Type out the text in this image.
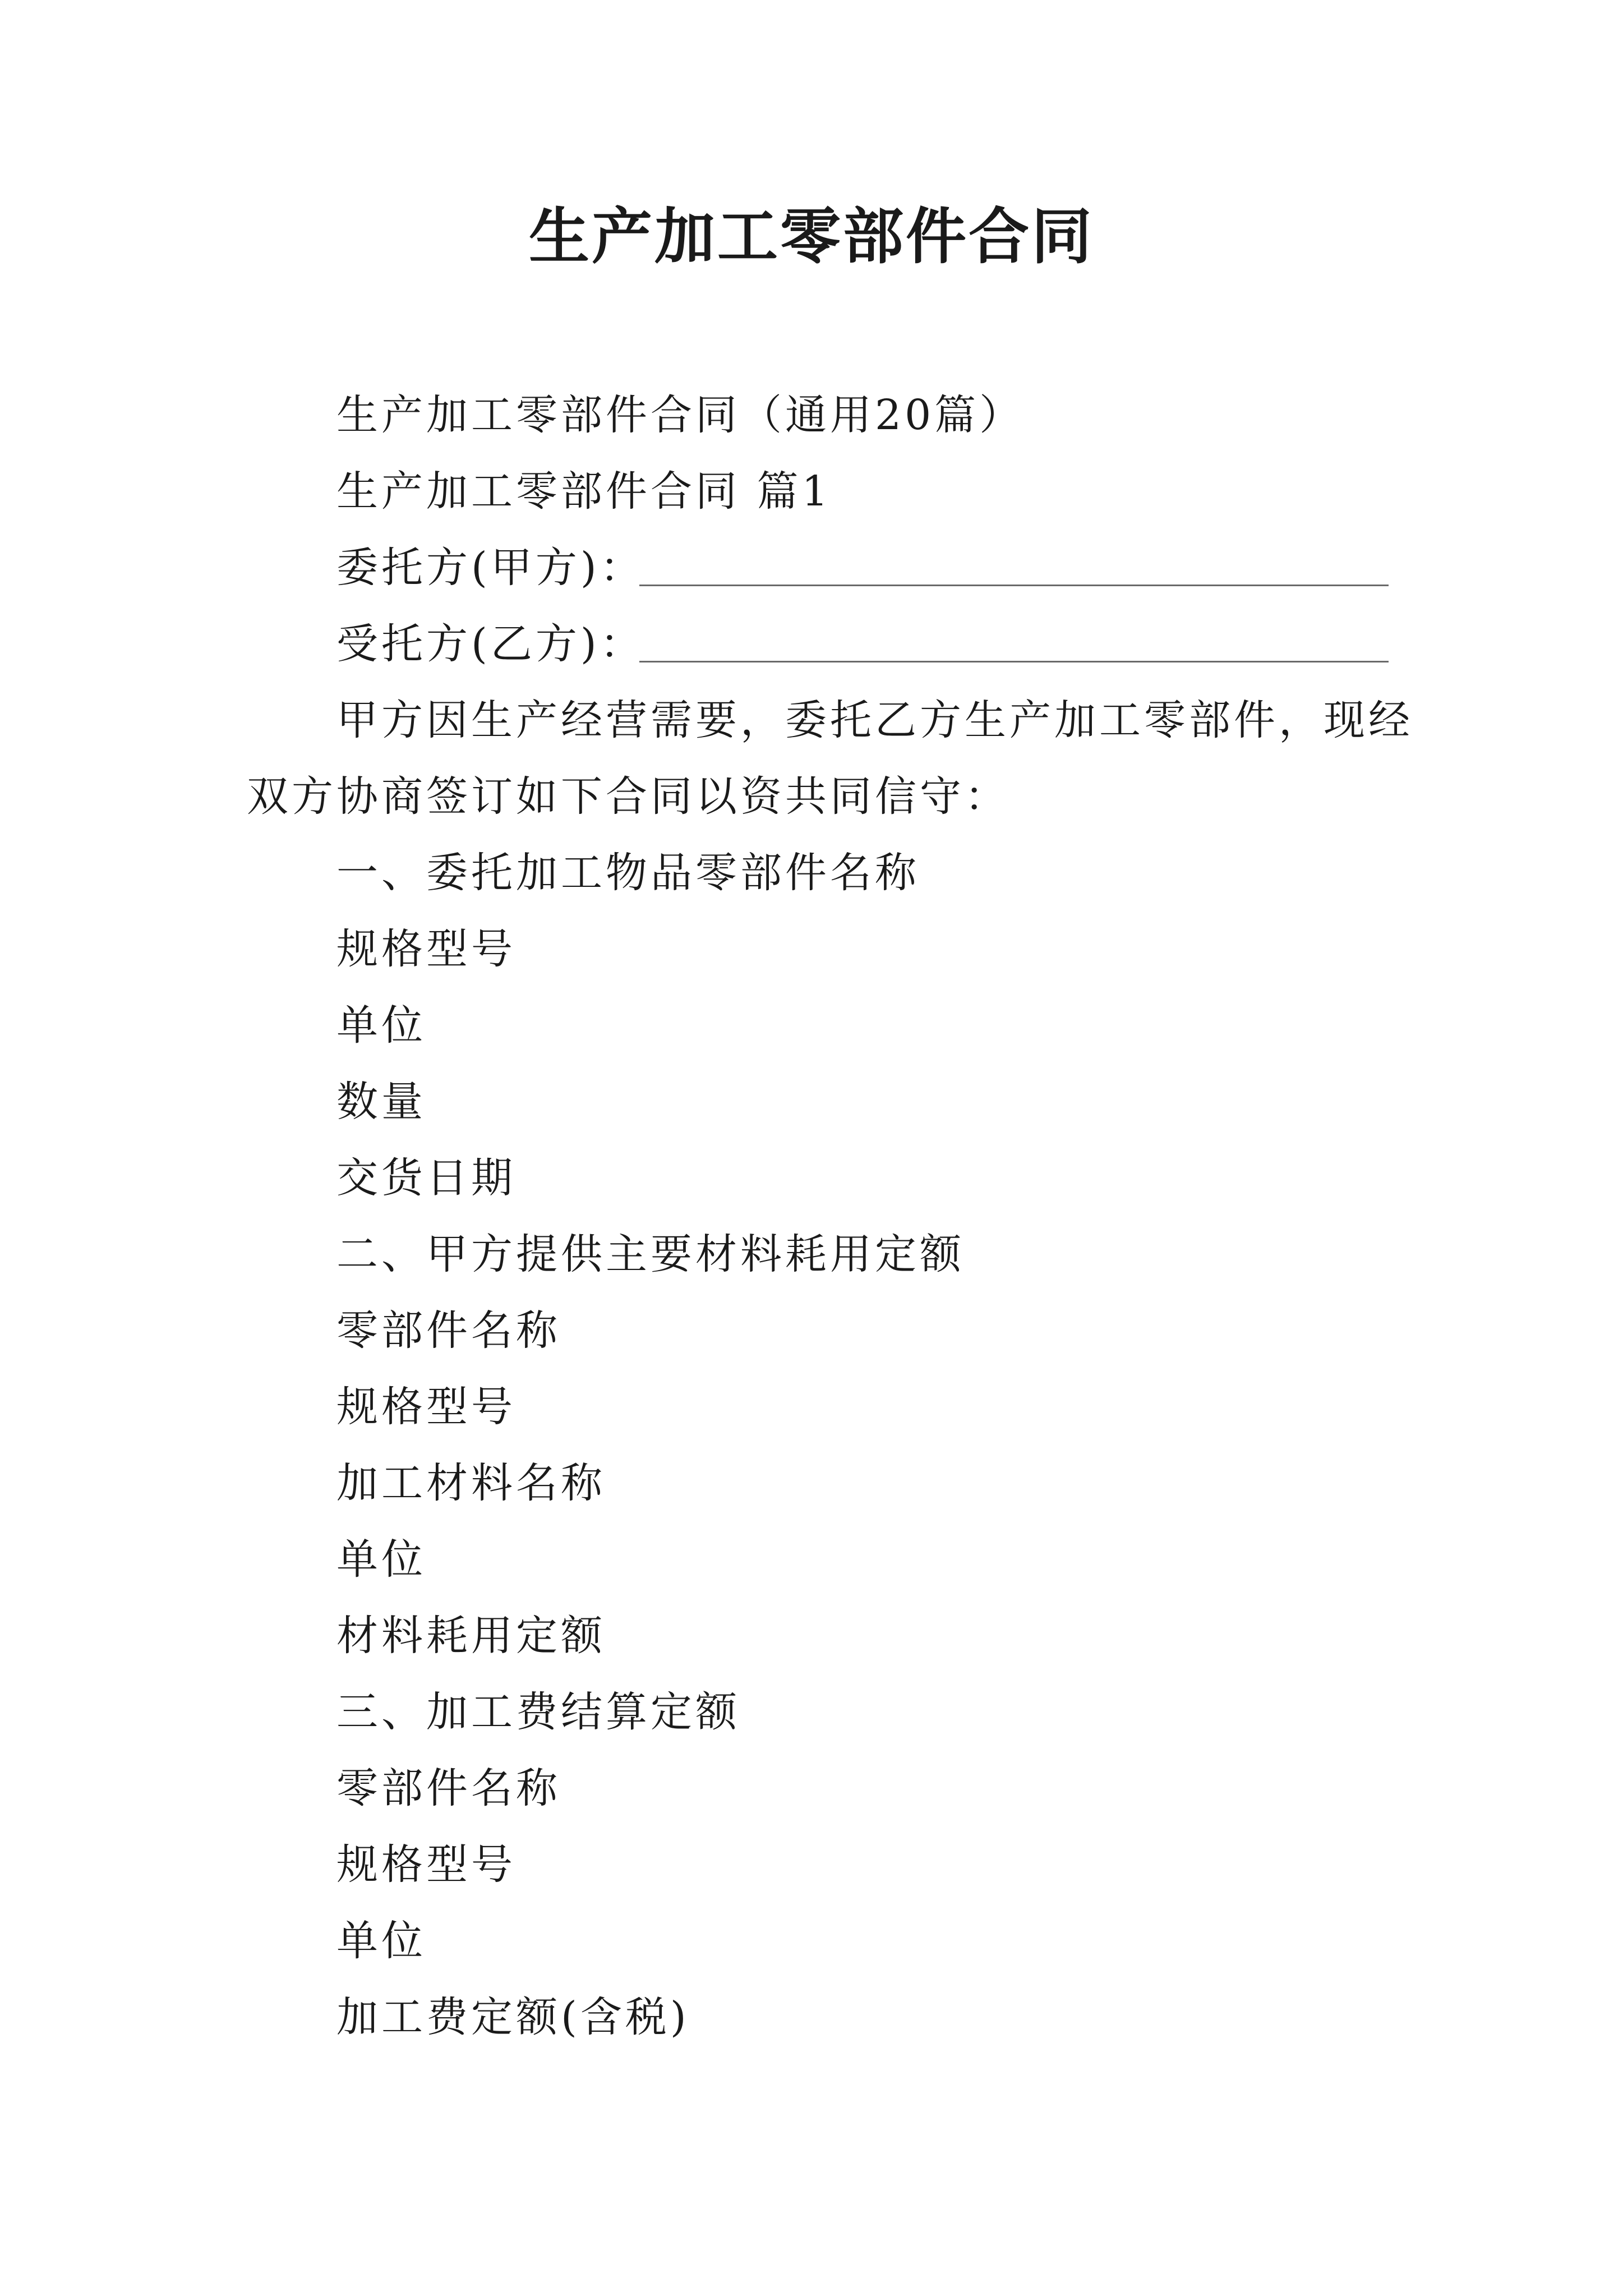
生产加工零部件合同
生产加工零部件合同（通用20篇）
生产加工零部件合同 篇1
委托方(甲方)：
受托方(乙方)：
甲方因生产经营需要，委托乙方生产加工零部件，现经
双方协商签订如下合同以资共同信守：
一、委托加工物品零部件名称
规格型号
单位
数量
交货日期
二、甲方提供主要材料耗用定额
零部件名称
规格型号
加工材料名称
单位
材料耗用定额
三、加工费结算定额
零部件名称
规格型号
单位
加工费定额(含税)
